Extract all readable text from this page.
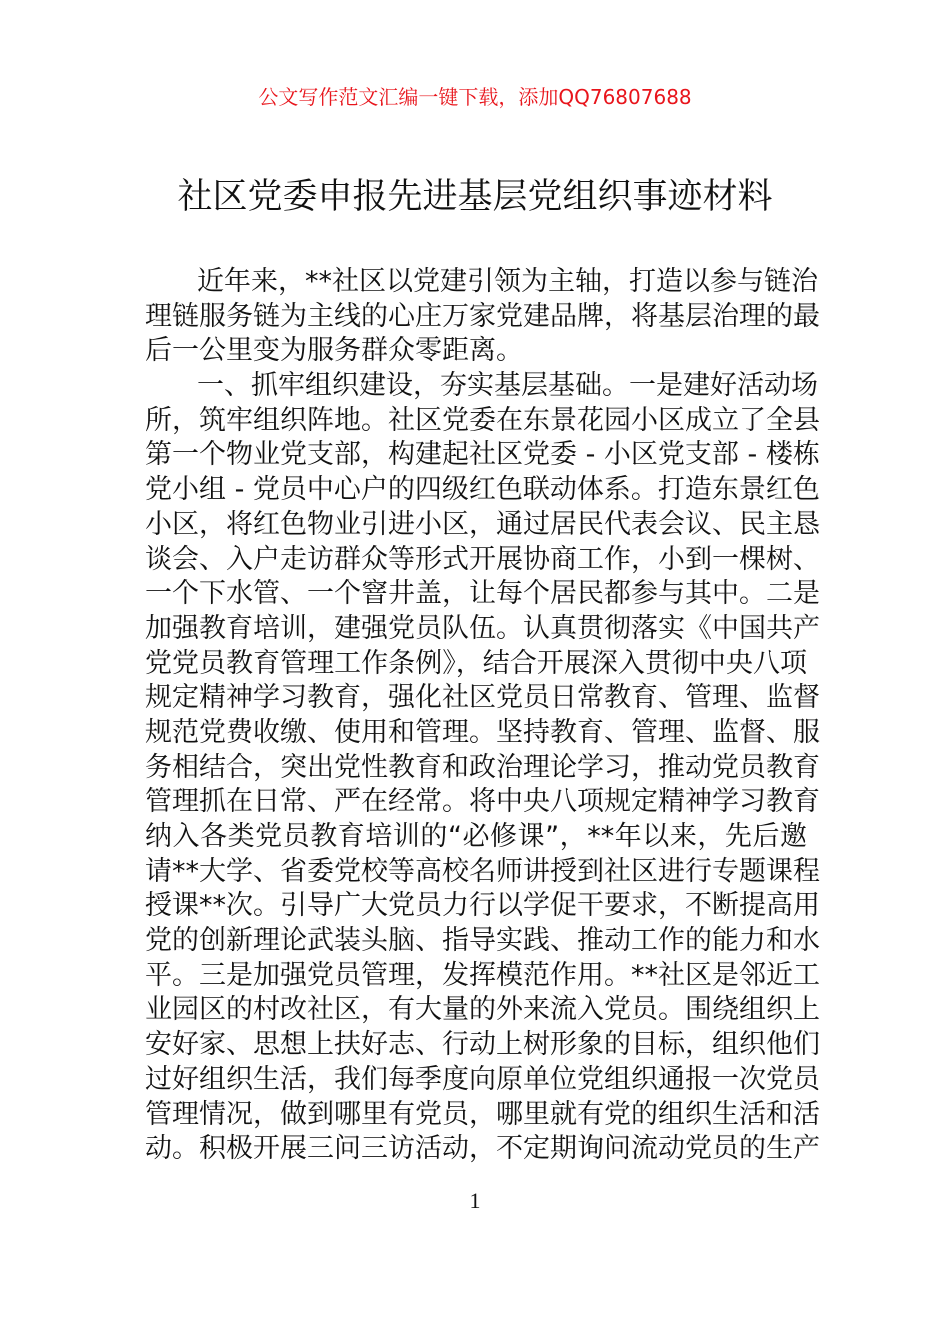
公文写作范文汇编一键下载，添加QQ76807688
社区党委申报先进基层党组织事迹材料
近年来，**社区以党建引领为主轴，打造以参与链治
理链服务链为主线的心庄万家党建品牌，将基层治理的最
后一公里变为服务群众零距离。
一、抓牢组织建设，夯实基层基础。一是建好活动场
所，筑牢组织阵地。社区党委在东景花园小区成立了全县
第一个物业党支部，构建起社区党委 - 小区党支部 - 楼栋
党小组 - 党员中心户的四级红色联动体系。打造东景红色
小区，将红色物业引进小区，通过居民代表会议、民主恳
谈会、入户走访群众等形式开展协商工作，小到一棵树、
一个下水管、一个窨井盖，让每个居民都参与其中。二是
加强教育培训，建强党员队伍。认真贯彻落实《中国共产
党党员教育管理工作条例》，结合开展深入贯彻中央八项
规定精神学习教育，强化社区党员日常教育、管理、监督
规范党费收缴、使用和管理。坚持教育、管理、监督、服
务相结合，突出党性教育和政治理论学习，推动党员教育
管理抓在日常、严在经常。将中央八项规定精神学习教育
纳入各类党员教育培训的“必修课”，**年以来，先后邀
请**大学、省委党校等高校名师讲授到社区进行专题课程
授课**次。引导广大党员力行以学促干要求，不断提高用
党的创新理论武装头脑、指导实践、推动工作的能力和水
平。三是加强党员管理，发挥模范作用。**社区是邻近工
业园区的村改社区，有大量的外来流入党员。围绕组织上
安好家、思想上扶好志、行动上树形象的目标，组织他们
过好组织生活，我们每季度向原单位党组织通报一次党员
管理情况，做到哪里有党员，哪里就有党的组织生活和活
动。积极开展三问三访活动，不定期询问流动党员的生产
1
